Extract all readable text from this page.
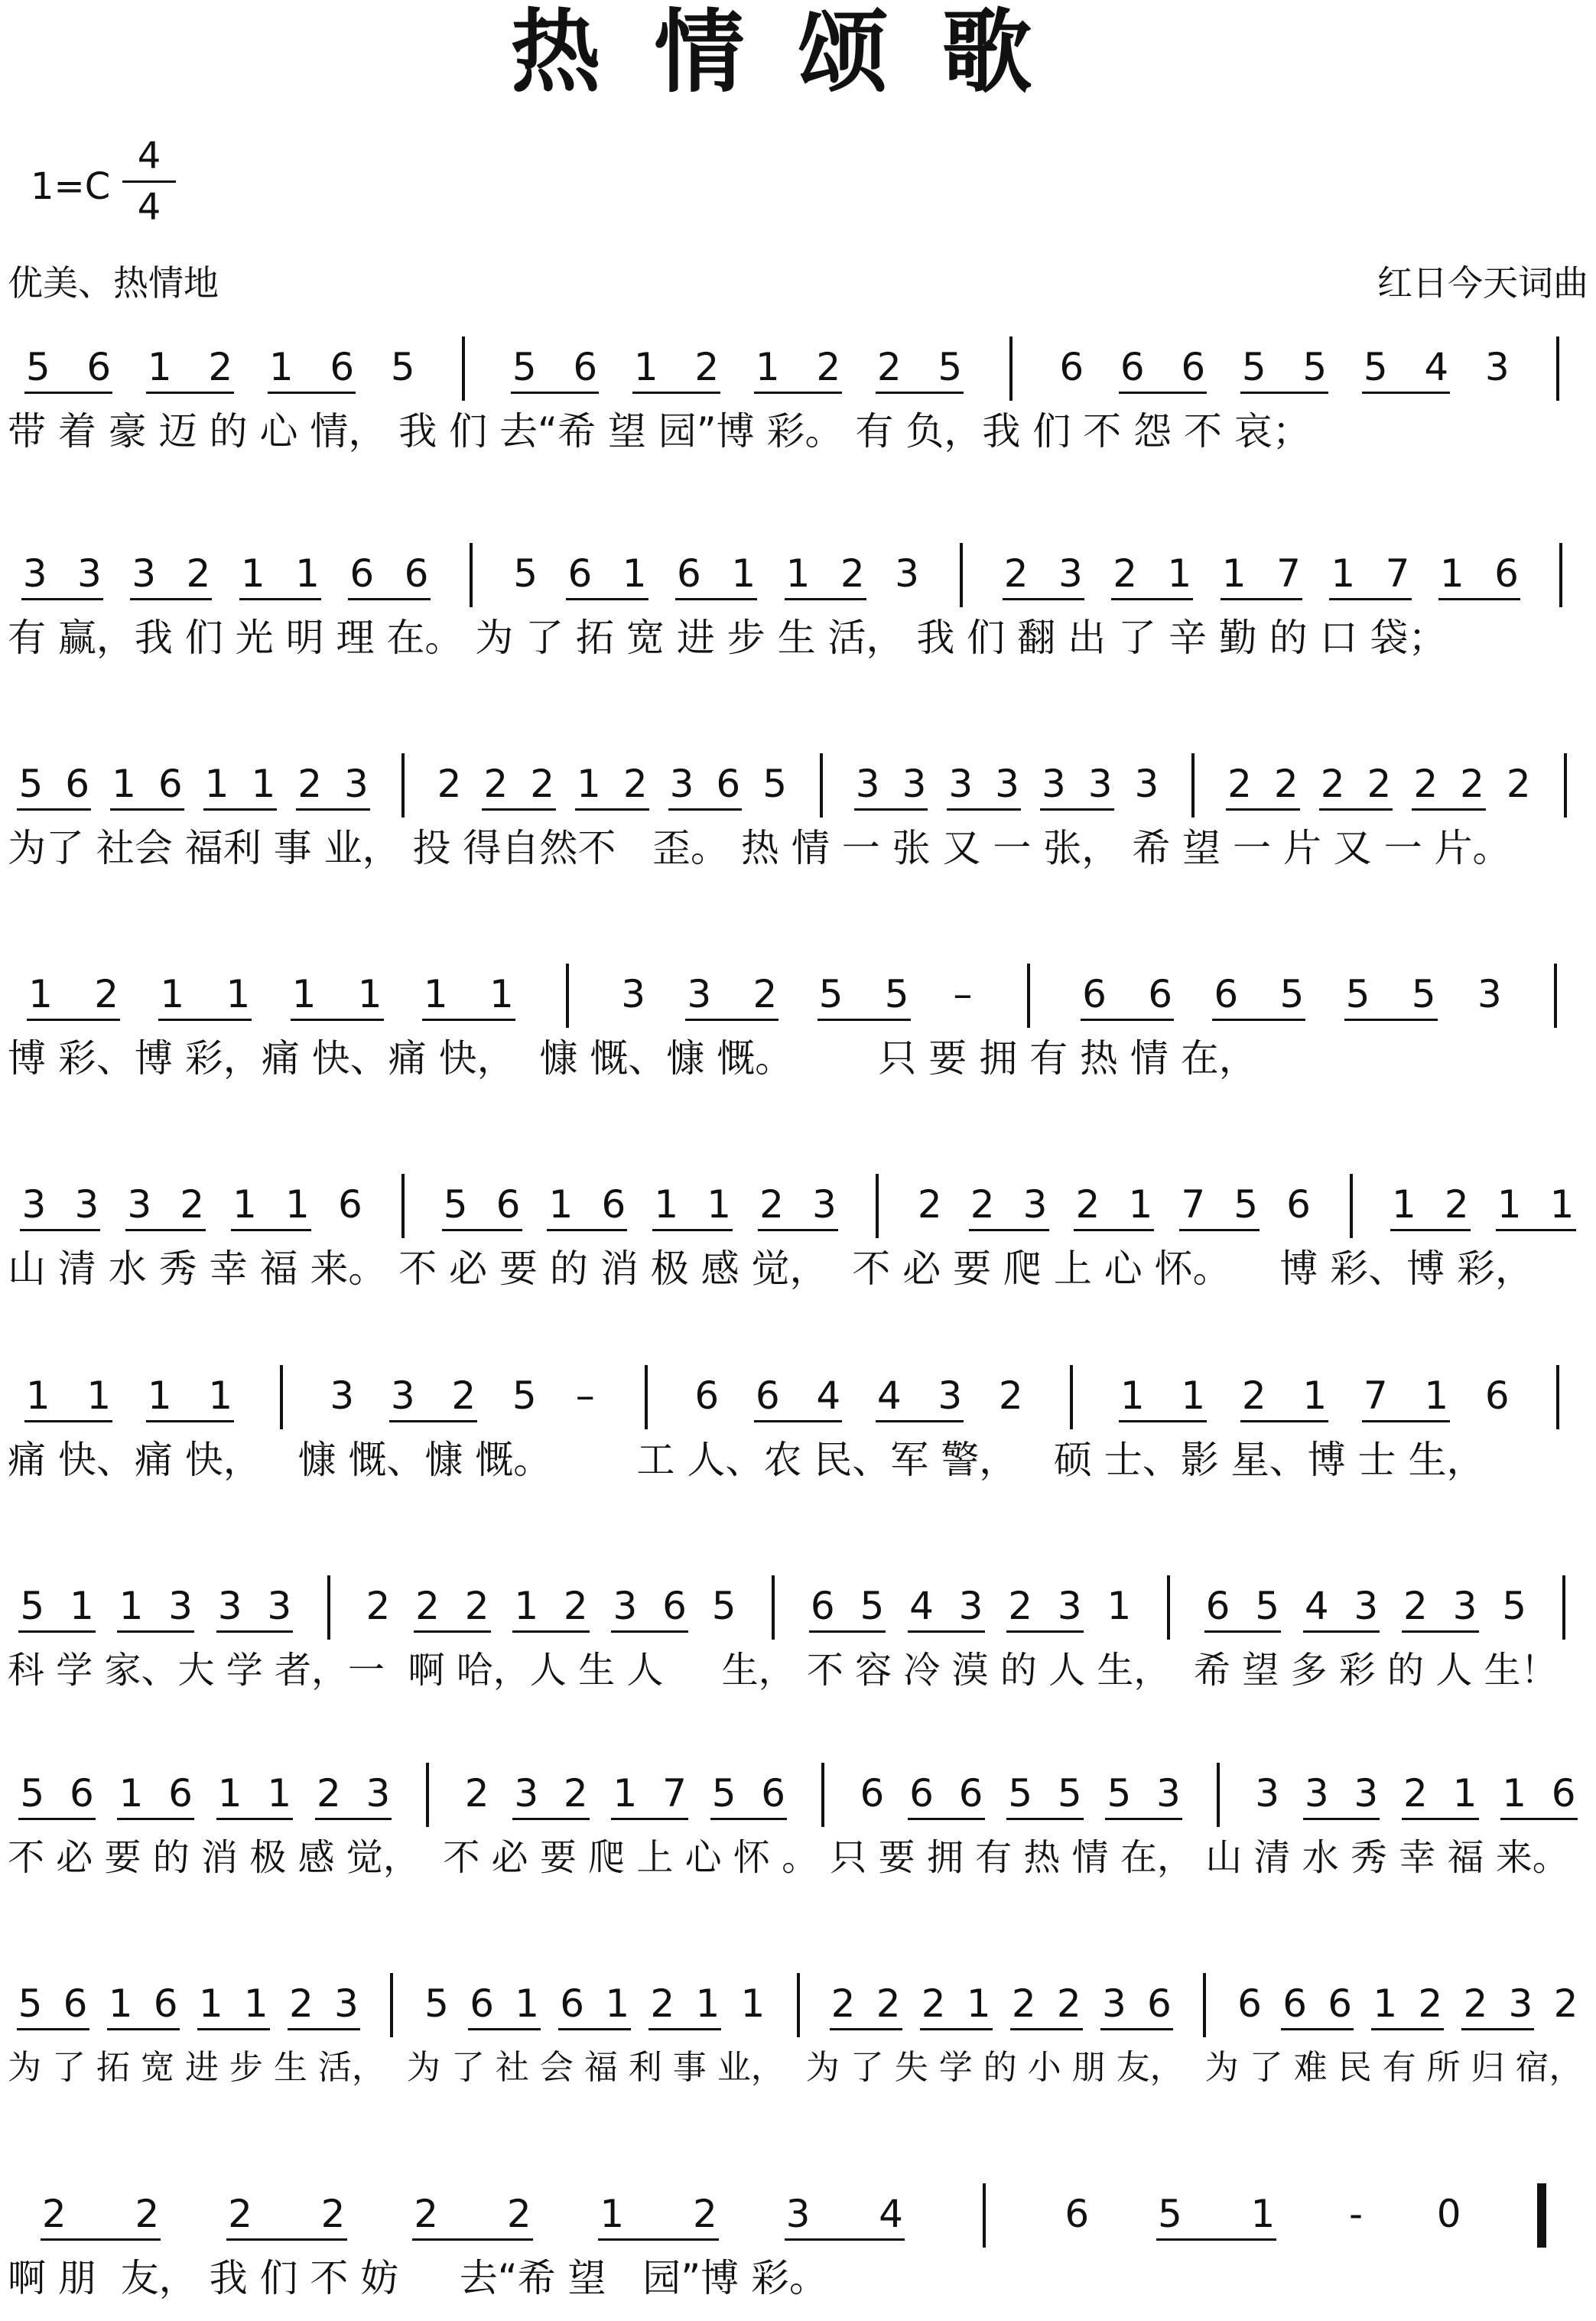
热情颂歌
1=C
4
4
优美、热情地	红日今天词曲
5 6 1 2 1 6 5	5 6 1 2 1 2 2 5	6 6 6 5 5 5 4 3
带 着 豪 迈 的 心 情， 我 们 去“希 望 园”博 彩。 有 负，我 们 不 怨 不 哀；
3 3 3 2 1 1 6 6 5 6 1 6 1 1 2 3 2 3 2 1 1 7 1 7 1 6
有 赢，我 们 光 明 理 在。 为 了 拓 宽 进 步 生 活， 我 们 翻 出 了 辛 勤 的 口 袋；
5 6 1 6 1 1 2 3 2 2 2 1 2 3 6 5 3 3 3 3 3 3 3 2 2 2 2 2 2 2
为了 社会 福利 事 业， 投 得自然不   歪。 热 情 一 张 又 一 张， 希 望 一 片 又 一 片。
1 2 1 1 1 1 1 1	3 3 2 5 5 –	6 6 6 5 5 5 3
博 彩、博 彩，痛 快、痛 快，  慷 慨、慷 慨。       只 要 拥 有 热 情 在，
3 3 3 2 1 1 6 5 6 1 6 1 1 2 3 2 2 3 2 1 7 5 6 1 2 1 1
山 清 水 秀 幸 福 来。 不 必 要 的 消 极 感 觉，  不 必 要 爬 上 心 怀。    博 彩、博 彩，
1 1 1 1	3 3 2 5 –	6 6 4 4 3 2	1 1 2 1 7 1 6
痛 快、痛 快，   慷 慨、慷 慨。       工 人、农 民、军 警，   硕 士、影 星、博 士 生，
5 1 1 3 3 3 2 2 2 1 2 3 6 5 6 5 4 3 2 3 1 6 5 4 3 2 3 5
科 学 家、大 学 者，一  啊 哈，人 生 人     生， 不 容 冷 漠 的 人 生，  希 望 多 彩 的 人 生！
5 6 1 6 1 1 2 3 2 3 2 1 7 5 6 6 6 6 5 5 5 3 3 3 3 2 1 1 6
不 必 要 的 消 极 感 觉，  不 必 要 爬 上 心 怀 。 只 要 拥 有 热 情 在， 山 清 水 秀 幸 福 来。
5 6 1 6 1 1 2 3 5 6 1 6 1 2 1 1 2 2 2 1 2 2 3 6 6 6 6 1 2 2 3 2
为 了 拓 宽 进 步 生 活，  为 了 社 会 福 利 事 业，  为 了 失 学 的 小 朋 友，  为 了 难 民 有 所 归 宿，
2 2 2 2 2 2 1 2 3 4	6 5 1 - 0
啊 朋  友， 我 们 不 妨     去“希 望   园”博 彩。
